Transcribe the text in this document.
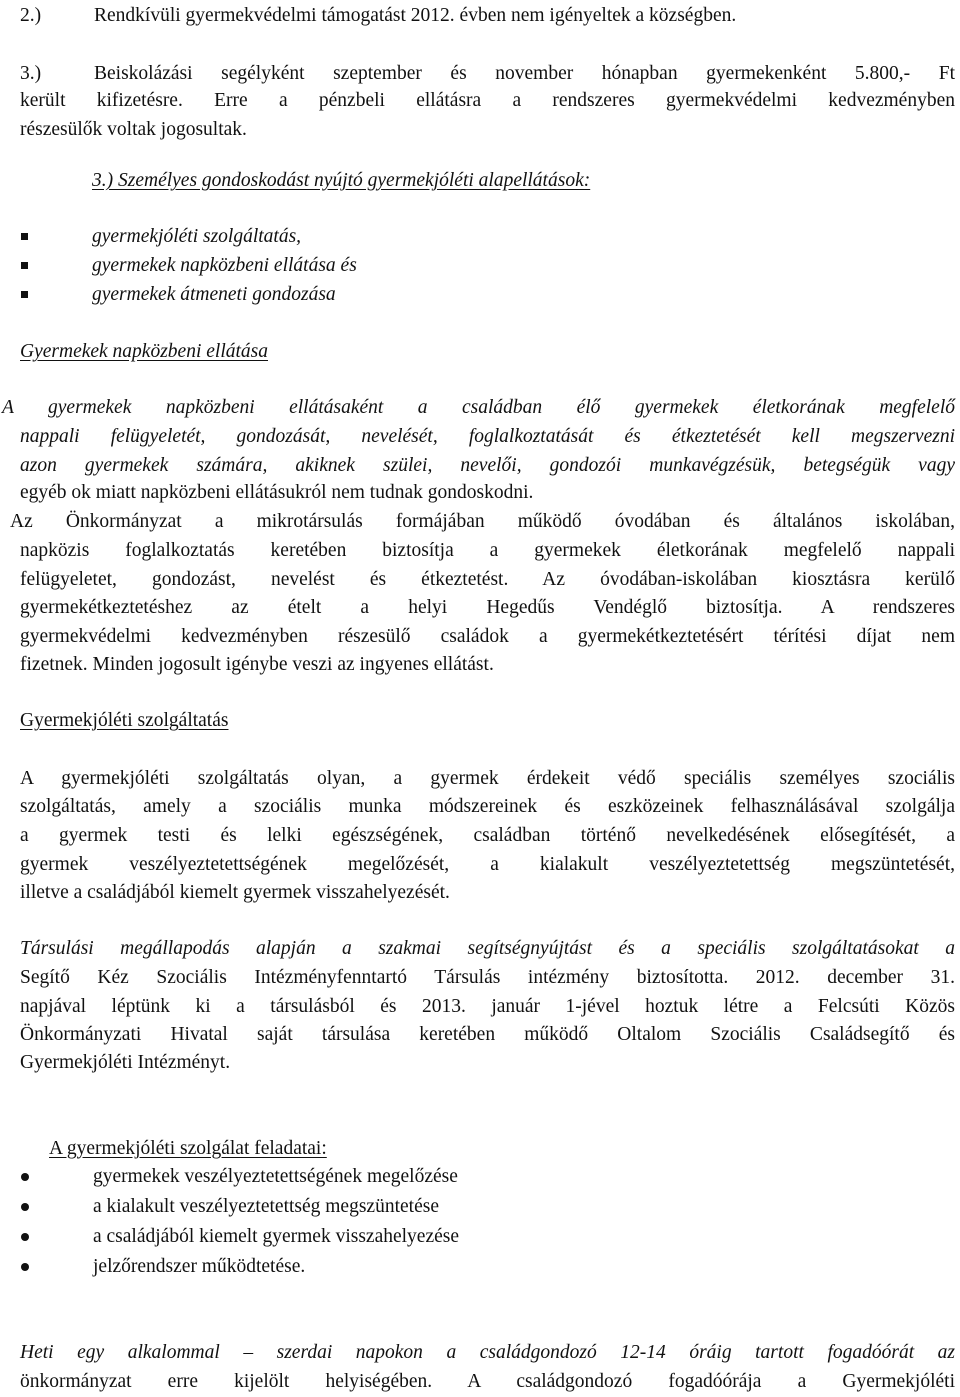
2.)	Rendkívüli gyermekvédelmi támogatást 2012. évben nem igényeltek a községben.
3.)	Beiskolázási segélyként szeptember és november hónapban gyermekenként 5.800,- Ft
került kifizetésre. Erre a pénzbeli ellátásra a rendszeres gyermekvédelmi kedvezményben
részesülők voltak jogosultak.
3.) Személyes gondoskodást nyújtó gyermekjóléti alapellátások:
gyermekjóléti szolgáltatás,
gyermekek napközbeni ellátása és
gyermekek átmeneti gondozása
Gyermekek napközbeni ellátása
A gyermekek napközbeni ellátásaként a családban élő gyermekek életkorának megfelelő
nappali felügyeletét, gondozását, nevelését, foglalkoztatását és étkeztetését kell megszervezni
azon gyermekek számára, akiknek szülei, nevelői, gondozói munkavégzésük, betegségük vagy
egyéb ok miatt napközbeni ellátásukról nem tudnak gondoskodni.
Az Önkormányzat a mikrotársulás formájában működő óvodában és általános iskolában,
napközis foglalkoztatás keretében biztosítja a gyermekek életkorának megfelelő nappali
felügyeletet, gondozást, nevelést és étkeztetést. Az óvodában-iskolában kiosztásra kerülő
gyermekétkeztetéshez az ételt a helyi Hegedűs Vendéglő biztosítja. A rendszeres
gyermekvédelmi kedvezményben részesülő családok a gyermekétkeztetésért térítési díjat nem
fizetnek. Minden jogosult igénybe veszi az ingyenes ellátást.
Gyermekjóléti szolgáltatás
A gyermekjóléti szolgáltatás olyan, a gyermek érdekeit védő speciális személyes szociális
szolgáltatás, amely a szociális munka módszereinek és eszközeinek felhasználásával szolgálja
a gyermek testi és lelki egészségének, családban történő nevelkedésének elősegítését, a
gyermek veszélyeztetettségének megelőzését, a kialakult veszélyeztetettség megszüntetését,
illetve a családjából kiemelt gyermek visszahelyezését.
Társulási megállapodás alapján a szakmai segítségnyújtást és a speciális szolgáltatásokat a
Segítő Kéz Szociális Intézményfenntartó Társulás intézmény biztosította. 2012. december 31.
napjával léptünk ki a társulásból és 2013. január 1-jével hoztuk létre a Felcsúti Közös
Önkormányzati Hivatal saját társulása keretében működő Oltalom Szociális Családsegítő és
Gyermekjóléti Intézményt.
A gyermekjóléti szolgálat feladatai:
gyermekek veszélyeztetettségének megelőzése
a kialakult veszélyeztetettség megszüntetése
a családjából kiemelt gyermek visszahelyezése
jelzőrendszer működtetése.
Heti egy alkalommal – szerdai napokon a családgondozó 12-14 óráig tartott fogadóórát az
önkormányzat erre kijelölt helyiségében. A családgondozó fogadóórája a Gyermekjóléti
